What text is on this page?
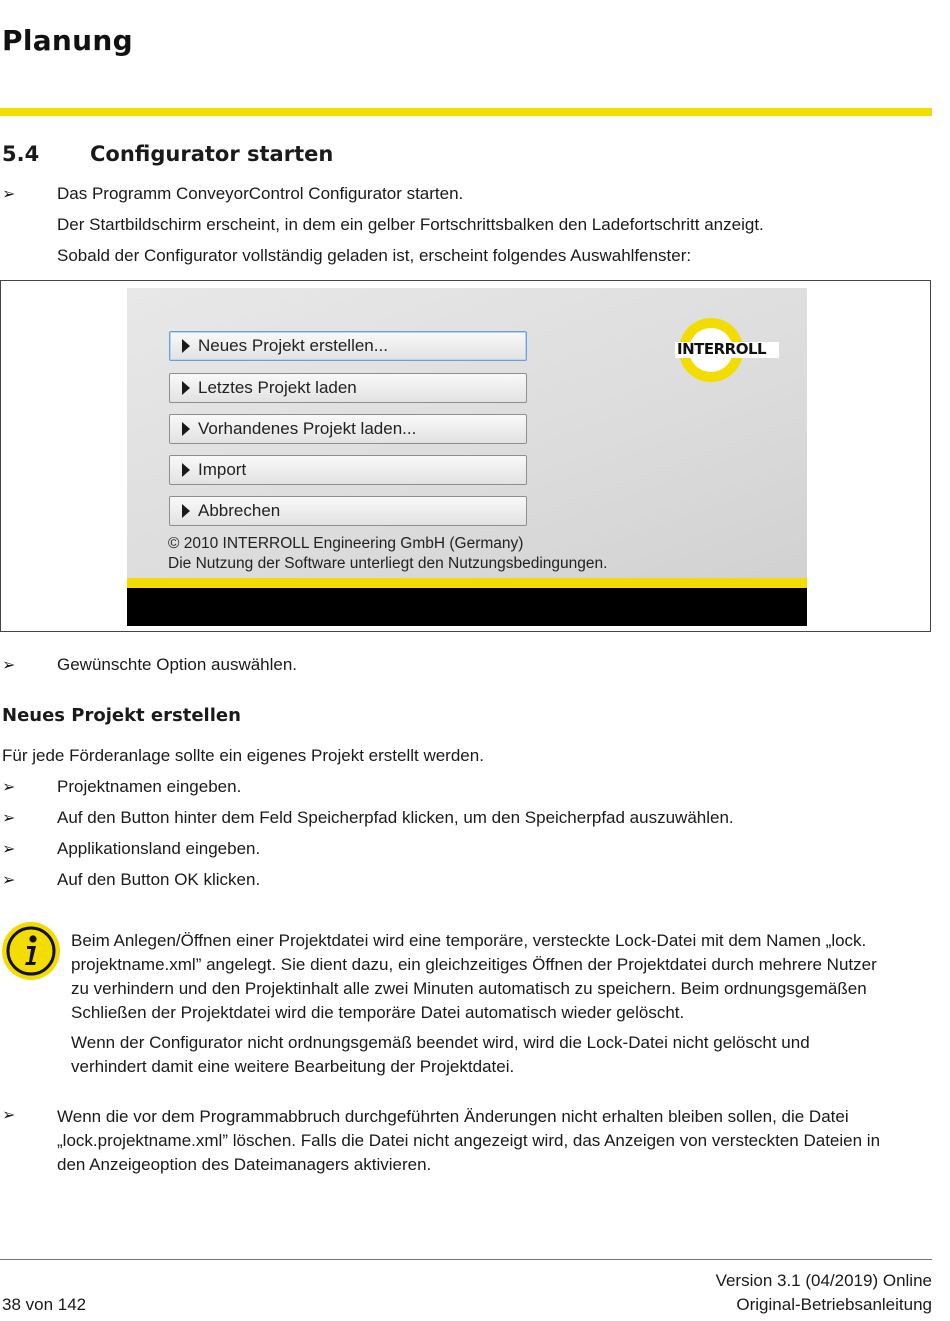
Planung
5.4 Configurator starten
➢ Das Programm ConveyorControl Configurator starten.
Der Startbildschirm erscheint, in dem ein gelber Fortschrittsbalken den Ladefortschritt anzeigt.
Sobald der Configurator vollständig geladen ist, erscheint folgendes Auswahlfenster:
Neues Projekt erstellen...
Letztes Projekt laden
Vorhandenes Projekt laden...
Import
Abbrechen
INTERROLL
© 2010 INTERROLL Engineering GmbH (Germany)
Die Nutzung der Software unterliegt den Nutzungsbedingungen.
➢ Gewünschte Option auswählen.
Neues Projekt erstellen
Für jede Förderanlage sollte ein eigenes Projekt erstellt werden.
➢ Projektnamen eingeben.
➢ Auf den Button hinter dem Feld Speicherpfad klicken, um den Speicherpfad auszuwählen.
➢ Applikationsland eingeben.
➢ Auf den Button OK klicken.
Beim Anlegen/Öffnen einer Projektdatei wird eine temporäre, versteckte Lock-Datei mit dem Namen „lock.
projektname.xml” angelegt. Sie dient dazu, ein gleichzeitiges Öffnen der Projektdatei durch mehrere Nutzer
zu verhindern und den Projektinhalt alle zwei Minuten automatisch zu speichern. Beim ordnungsgemäßen
Schließen der Projektdatei wird die temporäre Datei automatisch wieder gelöscht.
Wenn der Configurator nicht ordnungsgemäß beendet wird, wird die Lock-Datei nicht gelöscht und
verhindert damit eine weitere Bearbeitung der Projektdatei.
➢ Wenn die vor dem Programmabbruch durchgeführten Änderungen nicht erhalten bleiben sollen, die Datei
„lock.projektname.xml” löschen. Falls die Datei nicht angezeigt wird, das Anzeigen von versteckten Dateien in
den Anzeigeoption des Dateimanagers aktivieren.
Version 3.1 (04/2019) Online
38 von 142	Original-Betriebsanleitung
